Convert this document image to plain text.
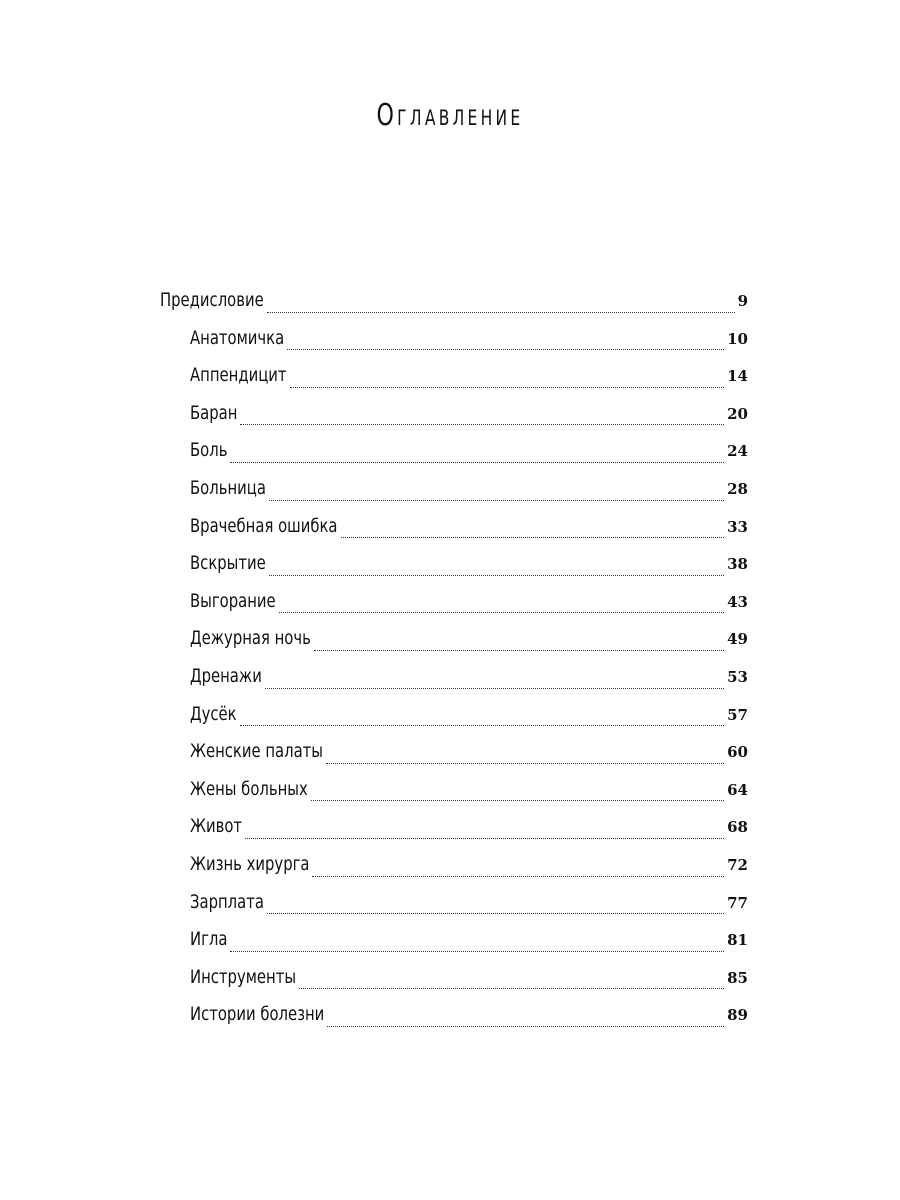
Оглавление
Предисловие	9
Анатомичка	10
Аппендицит	14
Баран	20
Боль	24
Больница	28
Врачебная ошибка	33
Вскрытие	38
Выгорание	43
Дежурная ночь	49
Дренажи	53
Дусёк	57
Женские палаты	60
Жены больных	64
Живот	68
Жизнь хирурга	72
Зарплата	77
Игла	81
Инструменты	85
Истории болезни	89
